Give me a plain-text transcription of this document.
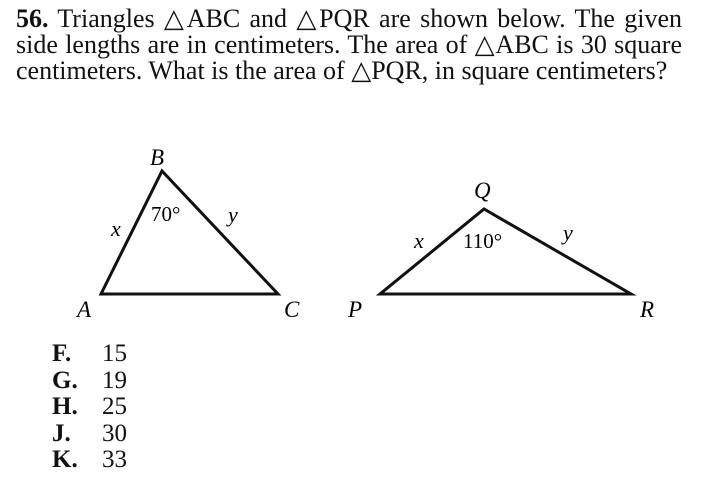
56. Triangles △ABC and △PQR are shown below. The given side lengths are in centimeters. The area of △ABC is 30 square centimeters. What is the area of △PQR, in square centimeters?
A
B
C
70°
x
y
P
Q
R
110°
x	y
F.	15
G. 19
H. 25
J.	30
K. 33
